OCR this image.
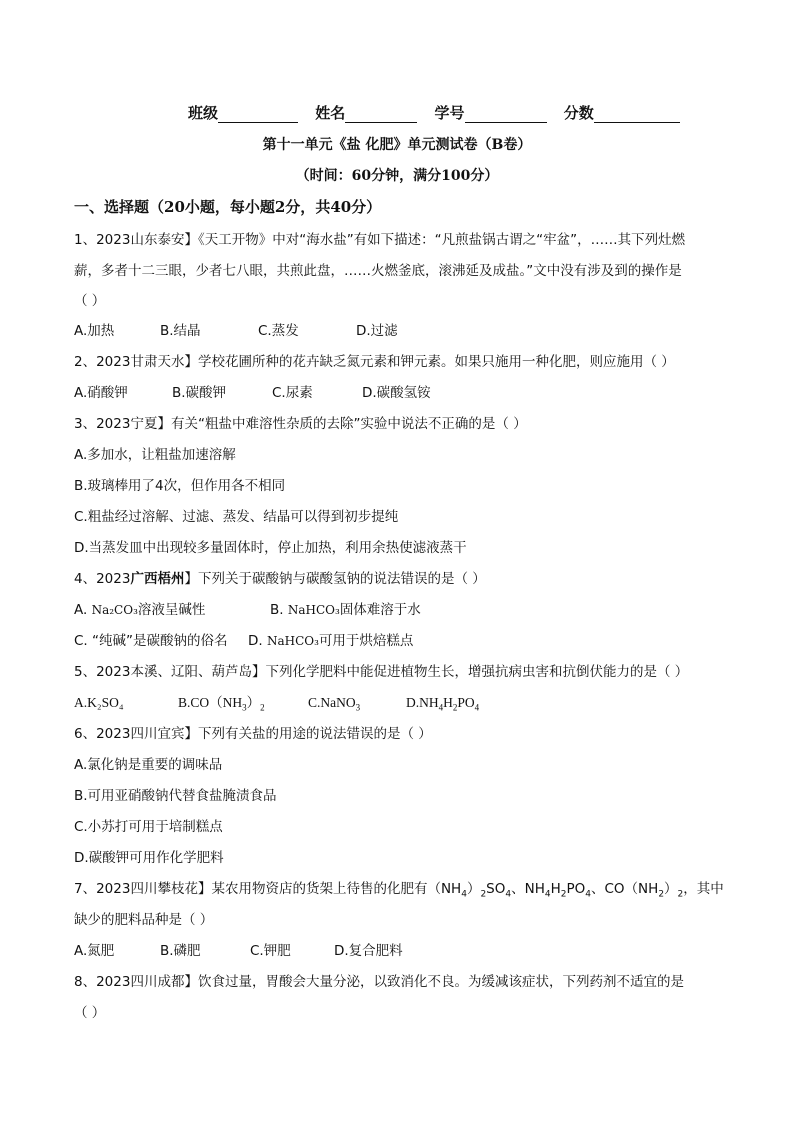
班级	姓名	学号	分数
第十一单元《盐 化肥》单元测试卷（B卷）
（时间：60分钟，满分100分）
一、选择题（20小题，每小题2分，共40分）
1、2023山东泰安】《天工开物》中对“海水盐”有如下描述：“凡煎盐锅古谓之“牢盆”，……其下列灶燃
薪，多者十二三眼，少者七八眼，共煎此盘，……火燃釜底，滚沸延及成盐。”文中没有涉及到的操作是
（ ）
A.加热	B.结晶	C.蒸发	D.过滤
2、2023甘肃天水】学校花圃所种的花卉缺乏氮元素和钾元素。如果只施用一种化肥，则应施用（ ）
A.硝酸钾	B.碳酸钾	C.尿素	D.碳酸氢铵
3、2023宁夏】有关“粗盐中难溶性杂质的去除”实验中说法不正确的是（ ）
A.多加水，让粗盐加速溶解
B.玻璃棒用了4次，但作用各不相同
C.粗盐经过溶解、过滤、蒸发、结晶可以得到初步提纯
D.当蒸发皿中出现较多量固体时，停止加热，利用余热使滤液蒸干
4、2023广西梧州】下列关于碳酸钠与碳酸氢钠的说法错误的是（ ）
A. Na₂CO₃溶液呈碱性	B. NaHCO₃固体难溶于水
C. “纯碱”是碳酸钠的俗名 D. NaHCO₃可用于烘焙糕点
5、2023本溪、辽阳、葫芦岛】下列化学肥料中能促进植物生长，增强抗病虫害和抗倒伏能力的是（ ）
A.K₂SO₄	$B.CO(NH_3)_2$	C.NaNO$_3$	$D.NH_4H_2PO_4$
6、2023四川宜宾】下列有关盐的用途的说法错误的是（ ）
A.氯化钠是重要的调味品
B.可用亚硝酸钠代替食盐腌渍食品
C.小苏打可用于培制糕点
D.碳酸钾可用作化学肥料
7、2023四川攀枝花】某农用物资店的货架上待售的化肥有$(NH_4)_2SO_4$、$NH_4H_2PO_4$、$CO(NH_2)_2$，其中
缺少的肥料品种是（ ）
A.氮肥	B.磷肥	C.钾肥	D.复合肥料
8、2023四川成都】饮食过量，胃酸会大量分泌，以致消化不良。为缓减该症状，下列药剂不适宜的是
（ ）
